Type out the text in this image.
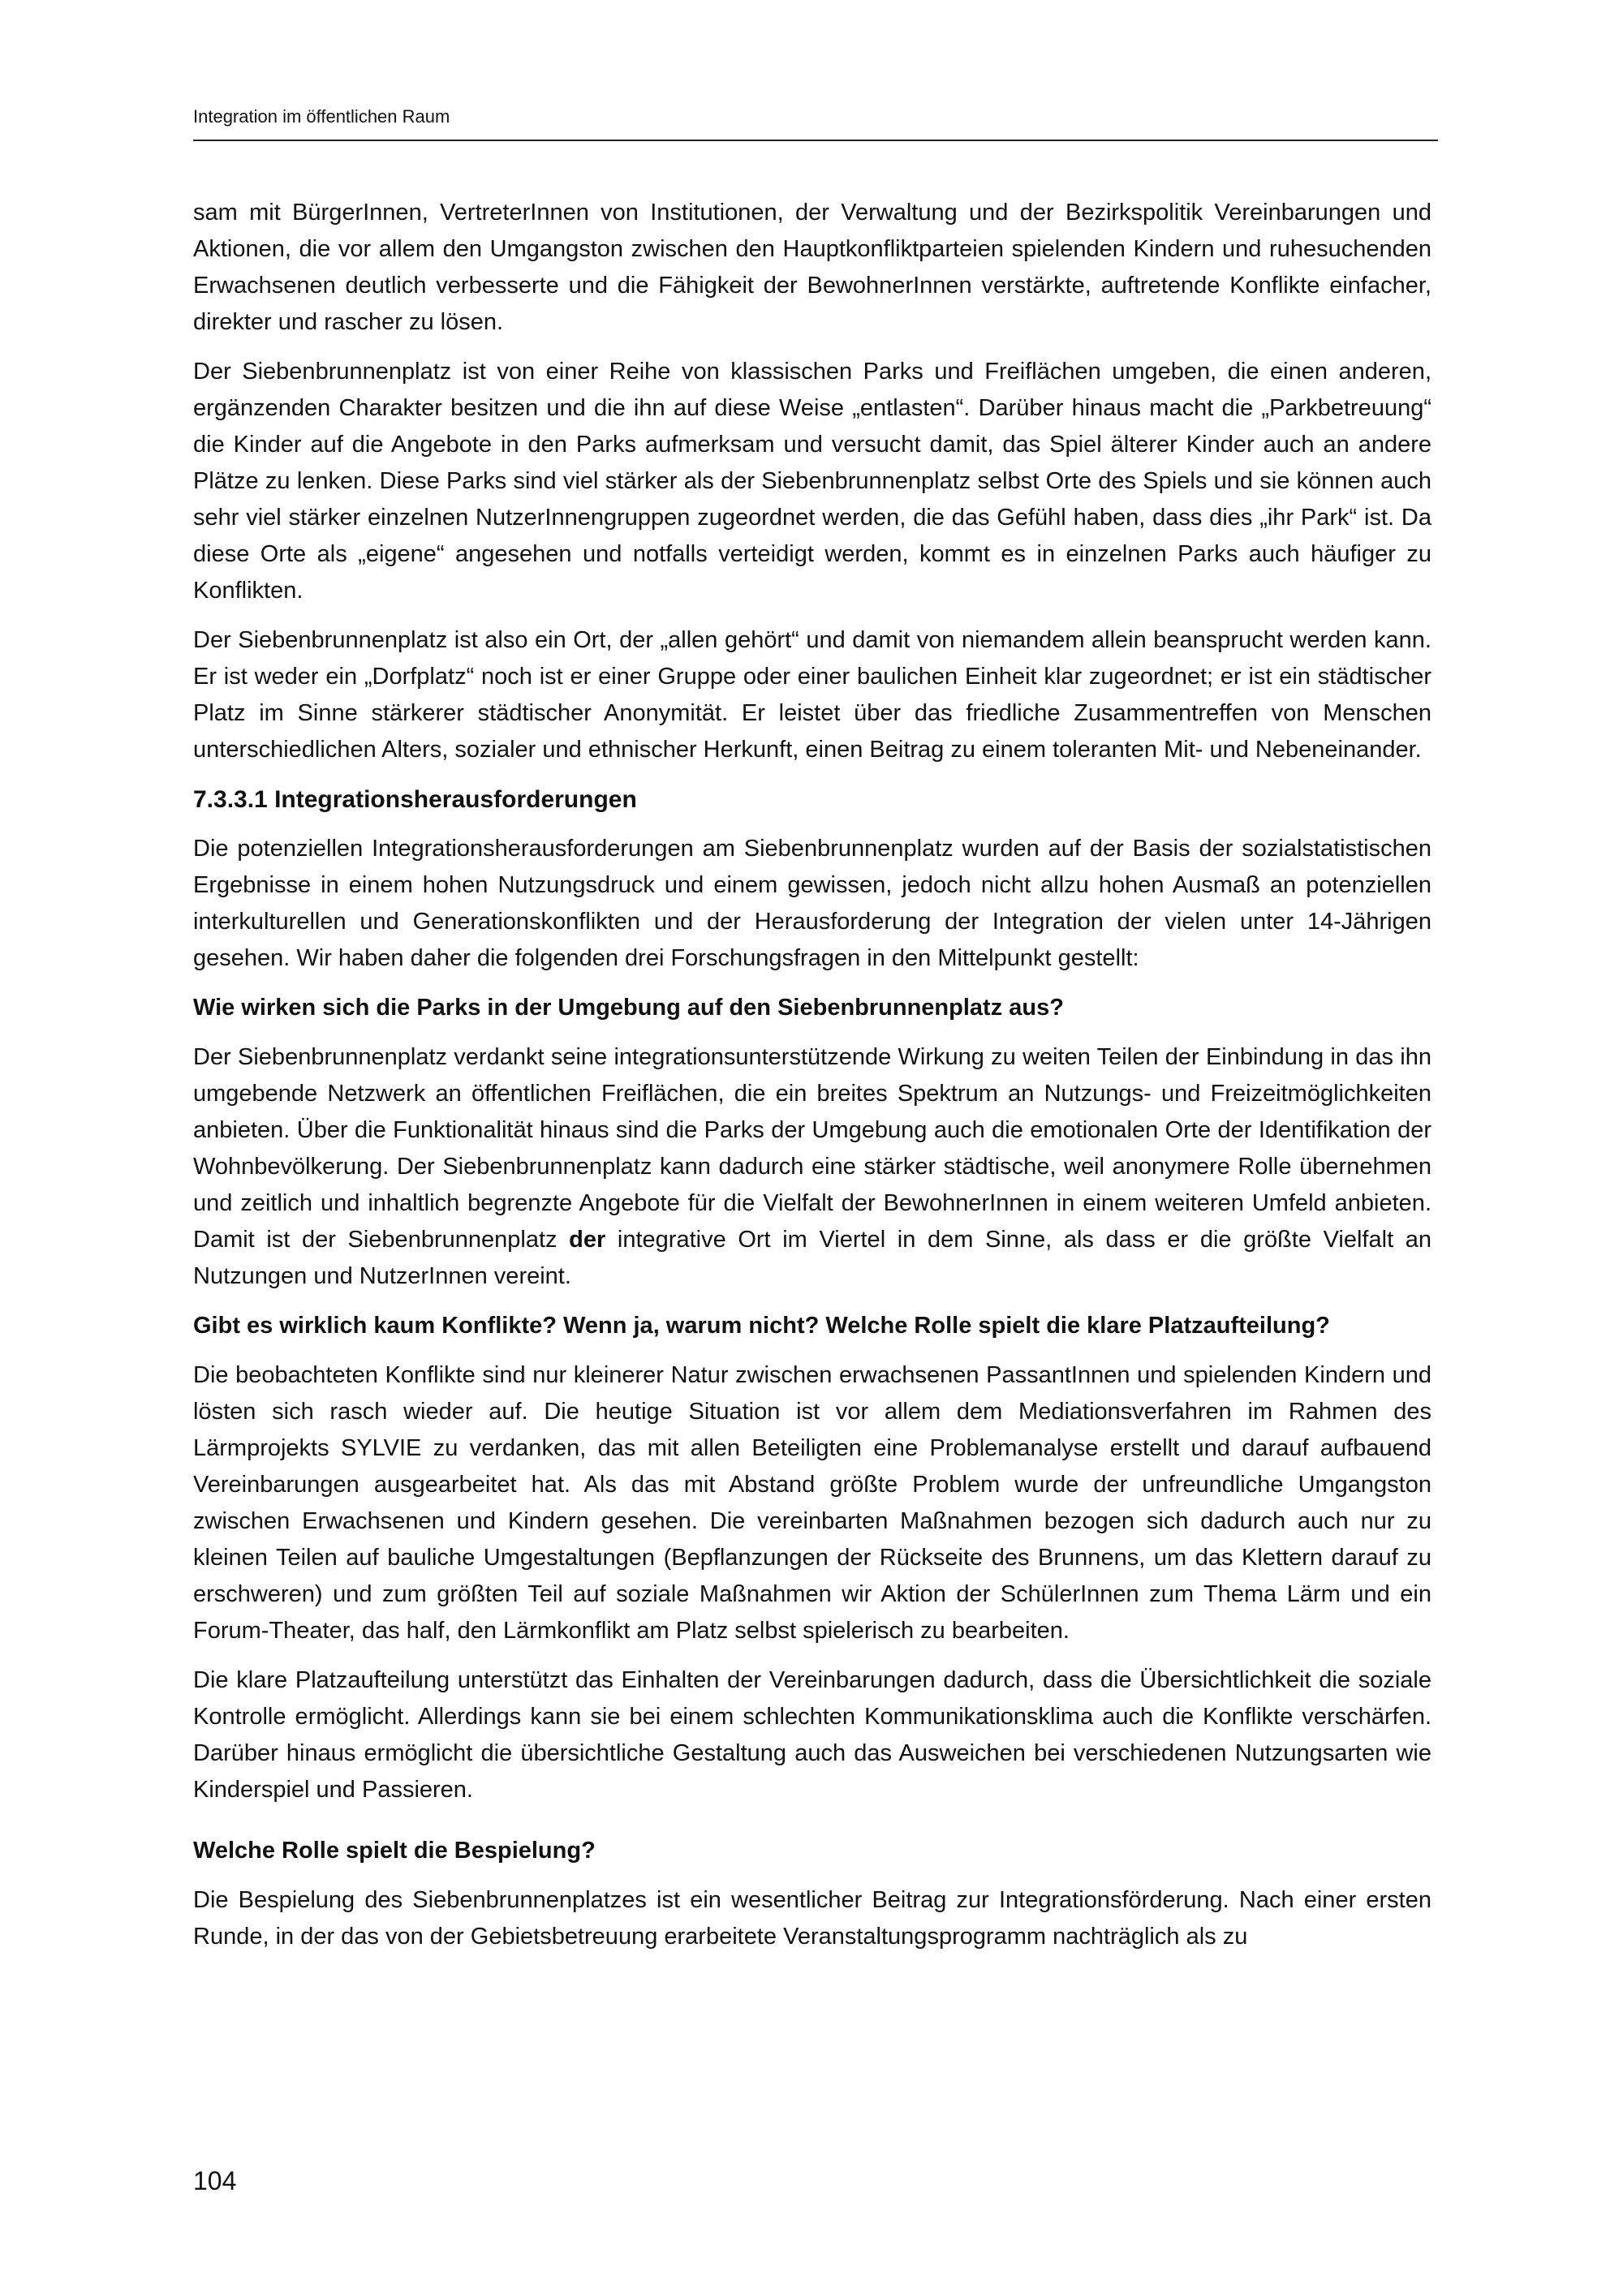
Integration im öffentlichen Raum

sam mit BürgerInnen, VertreterInnen von Institutionen, der Verwaltung und der Bezirkspolitik Vereinbarungen und Aktionen, die vor allem den Umgangston zwischen den Hauptkonfliktparteien spielenden Kindern und ruhesuchenden Erwachsenen deutlich verbesserte und die Fähigkeit der BewohnerInnen verstärkte, auftretende Konflikte einfacher, direkter und rascher zu lösen.

Der Siebenbrunnenplatz ist von einer Reihe von klassischen Parks und Freiflächen umgeben, die einen anderen, ergänzenden Charakter besitzen und die ihn auf diese Weise „entlasten“. Darüber hinaus macht die „Parkbetreuung“ die Kinder auf die Angebote in den Parks aufmerksam und versucht damit, das Spiel älterer Kinder auch an andere Plätze zu lenken. Diese Parks sind viel stärker als der Siebenbrunnenplatz selbst Orte des Spiels und sie können auch sehr viel stärker einzelnen NutzerInnengruppen zugeordnet werden, die das Gefühl haben, dass dies „ihr Park“ ist. Da diese Orte als „eigene“ angesehen und notfalls verteidigt werden, kommt es in einzelnen Parks auch häufiger zu Konflikten.

Der Siebenbrunnenplatz ist also ein Ort, der „allen gehört“ und damit von niemandem allein beansprucht werden kann. Er ist weder ein „Dorfplatz“ noch ist er einer Gruppe oder einer baulichen Einheit klar zugeordnet; er ist ein städtischer Platz im Sinne stärkerer städtischer Anonymität. Er leistet über das friedliche Zusammentreffen von Menschen unterschiedlichen Alters, sozialer und ethnischer Herkunft, einen Beitrag zu einem toleranten Mit- und Nebeneinander.

7.3.3.1 Integrationsherausforderungen

Die potenziellen Integrationsherausforderungen am Siebenbrunnenplatz wurden auf der Basis der sozialstatistischen Ergebnisse in einem hohen Nutzungsdruck und einem gewissen, jedoch nicht allzu hohen Ausmaß an potenziellen interkulturellen und Generationskonflikten und der Herausforderung der Integration der vielen unter 14-Jährigen gesehen. Wir haben daher die folgenden drei Forschungsfragen in den Mittelpunkt gestellt:

Wie wirken sich die Parks in der Umgebung auf den Siebenbrunnenplatz aus?

Der Siebenbrunnenplatz verdankt seine integrationsunterstützende Wirkung zu weiten Teilen der Einbindung in das ihn umgebende Netzwerk an öffentlichen Freiflächen, die ein breites Spektrum an Nutzungs- und Freizeitmöglichkeiten anbieten. Über die Funktionalität hinaus sind die Parks der Umgebung auch die emotionalen Orte der Identifikation der Wohnbevölkerung. Der Siebenbrunnenplatz kann dadurch eine stärker städtische, weil anonymere Rolle übernehmen und zeitlich und inhaltlich begrenzte Angebote für die Vielfalt der BewohnerInnen in einem weiteren Umfeld anbieten. Damit ist der Siebenbrunnenplatz der integrative Ort im Viertel in dem Sinne, als dass er die größte Vielfalt an Nutzungen und NutzerInnen vereint.

Gibt es wirklich kaum Konflikte? Wenn ja, warum nicht? Welche Rolle spielt die klare Platzaufteilung?

Die beobachteten Konflikte sind nur kleinerer Natur zwischen erwachsenen PassantInnen und spielenden Kindern und lösten sich rasch wieder auf. Die heutige Situation ist vor allem dem Mediationsverfahren im Rahmen des Lärmprojekts SYLVIE zu verdanken, das mit allen Beteiligten eine Problemanalyse erstellt und darauf aufbauend Vereinbarungen ausgearbeitet hat. Als das mit Abstand größte Problem wurde der unfreundliche Umgangston zwischen Erwachsenen und Kindern gesehen. Die vereinbarten Maßnahmen bezogen sich dadurch auch nur zu kleinen Teilen auf bauliche Umgestaltungen (Bepflanzungen der Rückseite des Brunnens, um das Klettern darauf zu erschweren) und zum größten Teil auf soziale Maßnahmen wir Aktion der SchülerInnen zum Thema Lärm und ein Forum-Theater, das half, den Lärmkonflikt am Platz selbst spielerisch zu bearbeiten.

Die klare Platzaufteilung unterstützt das Einhalten der Vereinbarungen dadurch, dass die Übersichtlichkeit die soziale Kontrolle ermöglicht. Allerdings kann sie bei einem schlechten Kommunikationsklima auch die Konflikte verschärfen. Darüber hinaus ermöglicht die übersichtliche Gestaltung auch das Ausweichen bei verschiedenen Nutzungsarten wie Kinderspiel und Passieren.

Welche Rolle spielt die Bespielung?

Die Bespielung des Siebenbrunnenplatzes ist ein wesentlicher Beitrag zur Integrationsförderung. Nach einer ersten Runde, in der das von der Gebietsbetreuung erarbeitete Veranstaltungsprogramm nachträglich als zu

104
